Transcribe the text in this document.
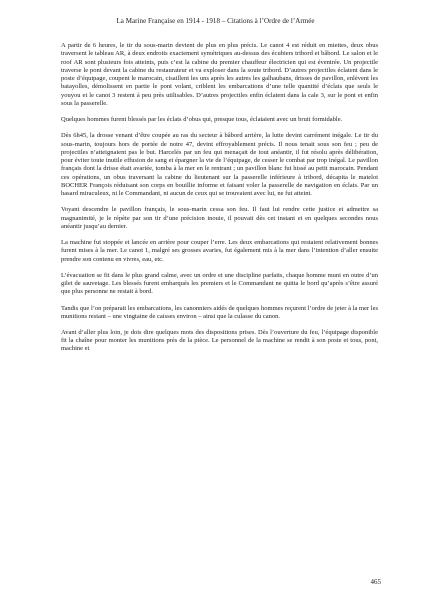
La Marine Française en 1914 - 1918 – Citations à l’Ordre de l’Armée

A partir de 6 heures, le tir du sous-marin devient de plus en plus précis. Le canot 4 est réduit en miettes, deux obus traversent le tableau AR, à deux endroits exactement symétriques au-dessus des écubiers tribord et bâbord. Le salon et le roof AR sont plusieurs fois atteints, puis c’est la cabine du premier chauffeur électricien qui est éventrée. Un projectile traverse le pont devant la cabine du restaurateur et va exploser dans la soute tribord. D’autres projectiles éclatent dans le poste d’équipage, coupent le marocain, cisaillent les uns après les autres les galhaubans, drisses de pavillon, enlèvent les batayolles, démolissent en partie le pont volant, criblent les embarcations d’une telle quantité d’éclats que seuls le youyou et le canot 3 restent à peu près utilisables. D’autres projectiles enfin éclatent dans la cale 3, sur le pont et enfin sous la passerelle.

Quelques hommes furent blessés par les éclats d’obus qui, presque tous, éclataient avec un bruit formidable.

Dès 6h45, la drosse venant d’être coupée au ras du secteur à bâbord arrière, la lutte devint carrément inégale. Le tir du sous-marin, toujours hors de portée de notre 47, devint effroyablement précis. Il nous tenait sous son feu ; peu de projectiles n’atteignaient pas le but. Harcelés par un feu qui menaçait de tout anéantir, il fut résolu après délibération, pour éviter toute inutile effusion de sang et épargner la vie de l’équipage, de cesser le combat par trop inégal. Le pavillon français dont la drisse était avariée, tomba à la mer en le rentrant ; un pavillon blanc fut hissé au petit marocain. Pendant ces opérations, un obus traversant la cabine du lieutenant sur la passerelle inférieure à tribord, décapita le matelot BOCHER François réduisant son corps en bouillie informe et faisant voler la passerelle de navigation en éclats. Par un hasard miraculeux, ni le Commandant, ni aucun de ceux qui se trouvaient avec lui, ne fut atteint.

Voyant descendre le pavillon français, le sous-marin cessa son feu. Il faut lui rendre cette justice et admettre sa magnanimité, je le répète par son tir d’une précision inouie, il pouvait dès cet instant et en quelques secondes nous anéantir jusqu’au dernier.

La machine fut stoppée et lancée en arrière pour couper l’erre. Les deux embarcations qui restaient relativement bonnes furent mises à la mer. Le canot 1, malgré ses grosses avaries, fut également mis à la mer dans l’intention d’aller ensuite prendre son contenu en vivres, eau, etc.

L’évacuation se fit dans le plus grand calme, avec un ordre et une discipline parfaits, chaque homme muni en outre d’un gilet de sauvetage. Les blessés furent embarqués les premiers et le Commandant ne quitta le bord qu’après s’être assuré que plus personne ne restait à bord.

Tandis que l’on préparait les embarcations, les canonniers aidés de quelques hommes reçurent l’ordre de jeter à la mer les munitions restant – une vingtaine de caisses environ – ainsi que la culasse du canon.

Avant d’aller plus loin, je dois dire quelques mots des dispositions prises. Dès l’ouverture du feu, l’équipage disponible fit la chaîne pour monter les munitions près de la pièce. Le personnel de la machine se rendit à son poste et tous, pont, machine et

465
